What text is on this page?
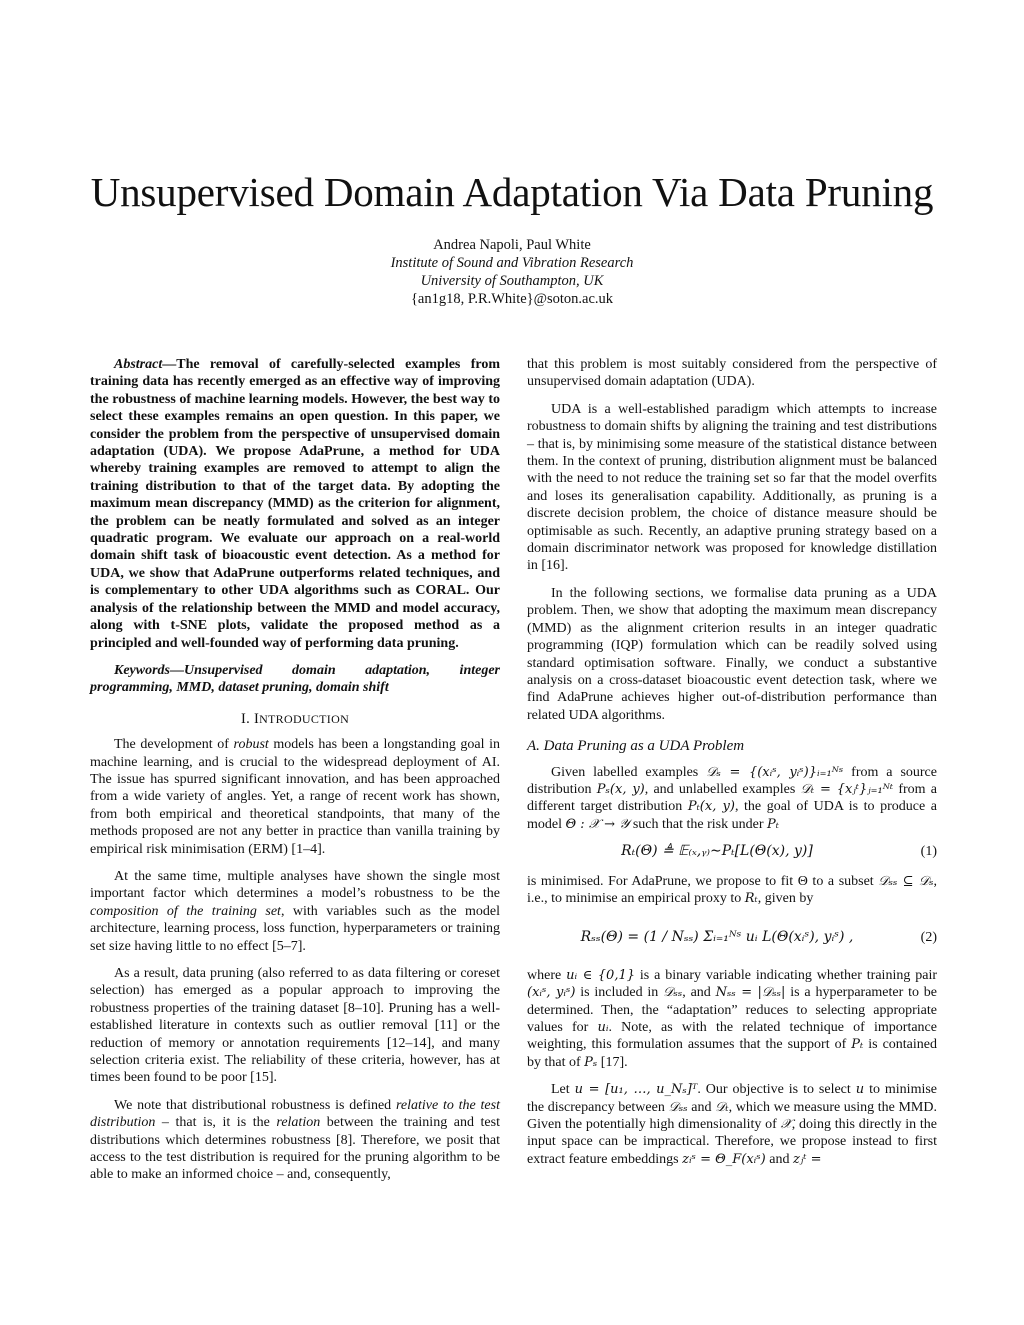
Unsupervised Domain Adaptation Via Data Pruning
Andrea Napoli, Paul White
Institute of Sound and Vibration Research
University of Southampton, UK
{an1g18, P.R.White}@soton.ac.uk

Abstract—The removal of carefully-selected examples from training data has recently emerged as an effective way of improving the robustness of machine learning models. However, the best way to select these examples remains an open question. In this paper, we consider the problem from the perspective of unsupervised domain adaptation (UDA). We propose AdaPrune, a method for UDA whereby training examples are removed to attempt to align the training distribution to that of the target data. By adopting the maximum mean discrepancy (MMD) as the criterion for alignment, the problem can be neatly formulated and solved as an integer quadratic program. We evaluate our approach on a real-world domain shift task of bioacoustic event detection. As a method for UDA, we show that AdaPrune outperforms related techniques, and is complementary to other UDA algorithms such as CORAL. Our analysis of the relationship between the MMD and model accuracy, along with t-SNE plots, validate the proposed method as a principled and well-founded way of performing data pruning.

Keywords—Unsupervised domain adaptation, integer programming, MMD, dataset pruning, domain shift

I. INTRODUCTION

The development of robust models has been a longstanding goal in machine learning, and is crucial to the widespread deployment of AI. The issue has spurred significant innovation, and has been approached from a wide variety of angles. Yet, a range of recent work has shown, from both empirical and theoretical standpoints, that many of the methods proposed are not any better in practice than vanilla training by empirical risk minimisation (ERM) [1–4].

At the same time, multiple analyses have shown the single most important factor which determines a model’s robustness to be the composition of the training set, with variables such as the model architecture, learning process, loss function, hyperparameters or training set size having little to no effect [5–7].

As a result, data pruning (also referred to as data filtering or coreset selection) has emerged as a popular approach to improving the robustness properties of the training dataset [8–10]. Pruning has a well-established literature in contexts such as outlier removal [11] or the reduction of memory or annotation requirements [12–14], and many selection criteria exist. The reliability of these criteria, however, has at times been found to be poor [15].

We note that distributional robustness is defined relative to the test distribution – that is, it is the relation between the training and test distributions which determines robustness [8]. Therefore, we posit that access to the test distribution is required for the pruning algorithm to be able to make an informed choice – and, consequently,

that this problem is most suitably considered from the perspective of unsupervised domain adaptation (UDA).

UDA is a well-established paradigm which attempts to increase robustness to domain shifts by aligning the training and test distributions – that is, by minimising some measure of the statistical distance between them. In the context of pruning, distribution alignment must be balanced with the need to not reduce the training set so far that the model overfits and loses its generalisation capability. Additionally, as pruning is a discrete decision problem, the choice of distance measure should be optimisable as such. Recently, an adaptive pruning strategy based on a domain discriminator network was proposed for knowledge distillation in [16].

In the following sections, we formalise data pruning as a UDA problem. Then, we show that adopting the maximum mean discrepancy (MMD) as the alignment criterion results in an integer quadratic programming (IQP) formulation which can be readily solved using standard optimisation software. Finally, we conduct a substantive analysis on a cross-dataset bioacoustic event detection task, where we find AdaPrune achieves higher out-of-distribution performance than related UDA algorithms.

A. Data Pruning as a UDA Problem

Given labelled examples 𝒟ₛ = {(xᵢˢ, yᵢˢ)}ᵢ₌₁ᴺˢ from a source distribution Pₛ(x, y), and unlabelled examples 𝒟ₜ = {xⱼᵗ}ⱼ₌₁ᴺᵗ from a different target distribution Pₜ(x, y), the goal of UDA is to produce a model Θ : 𝒳 → 𝒴 such that the risk under Pₜ

Rₜ(Θ) ≜ 𝔼₍ₓ,ᵧ₎∼Pₜ[L(Θ(x), y)]	(1)

is minimised. For AdaPrune, we propose to fit Θ to a subset 𝒟ₛₛ ⊆ 𝒟ₛ, i.e., to minimise an empirical proxy to Rₜ, given by

Rₛₛ(Θ) = (1 / Nₛₛ) Σᵢ₌₁ᴺˢ uᵢ L(Θ(xᵢˢ), yᵢˢ) ,	(2)

where uᵢ ∈ {0,1} is a binary variable indicating whether training pair (xᵢˢ, yᵢˢ) is included in 𝒟ₛₛ, and Nₛₛ = |𝒟ₛₛ| is a hyperparameter to be determined. Then, the “adaptation” reduces to selecting appropriate values for uᵢ. Note, as with the related technique of importance weighting, this formulation assumes that the support of Pₜ is contained by that of Pₛ [17].

Let u = [u₁, …, u_Nₛ]ᵀ. Our objective is to select u to minimise the discrepancy between 𝒟ₛₛ and 𝒟ₜ, which we measure using the MMD. Given the potentially high dimensionality of 𝒳, doing this directly in the input space can be impractical. Therefore, we propose instead to first extract feature embeddings zᵢˢ = Θ_F(xᵢˢ) and zⱼᵗ =
